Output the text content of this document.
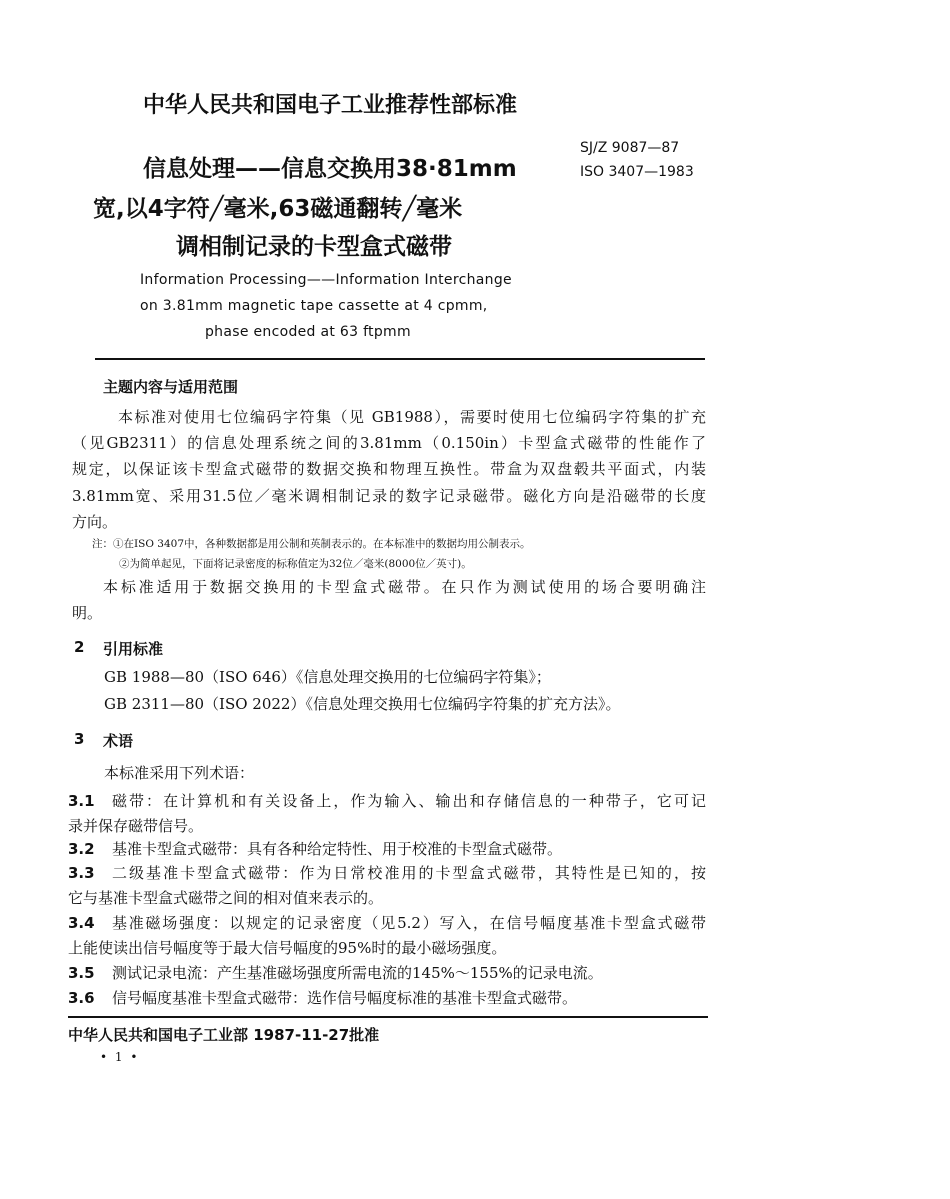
中华人民共和国电子工业推荐性部标准
SJ/Z 9087—87
ISO 3407—1983
信息处理——信息交换用38·81mm
宽,以4字符╱毫米,63磁通翻转╱毫米
调相制记录的卡型盒式磁带
Information Processing——Information Interchange
on 3.81mm magnetic tape cassette at 4 cpmm,
phase encoded at 63 ftpmm
主题内容与适用范围
本标准对使用七位编码字符集（见 GB1988），需要时使用七位编码字符集的扩充
（见GB2311）的信息处理系统之间的3.81mm（0.150in）卡型盒式磁带的性能作了
规定，以保证该卡型盒式磁带的数据交换和物理互换性。带盒为双盘毂共平面式，内装
3.81mm宽、采用31.5位／毫米调相制记录的数字记录磁带。磁化方向是沿磁带的长度
方向。
注：①在ISO 3407中，各种数据都是用公制和英制表示的。在本标准中的数据均用公制表示。
②为简单起见，下面将记录密度的标称值定为32位／毫米(8000位／英寸)。
本标准适用于数据交换用的卡型盒式磁带。在只作为测试使用的场合要明确注
明。
2 引用标准
GB 1988—80（ISO 646）《信息处理交换用的七位编码字符集》；
GB 2311—80（ISO 2022）《信息处理交换用七位编码字符集的扩充方法》。
3 术语
本标准采用下列术语：
3.1 磁带：在计算机和有关设备上，作为输入、输出和存储信息的一种带子，它可记
录并保存磁带信号。
3.2 基准卡型盒式磁带：具有各种给定特性、用于校准的卡型盒式磁带。
3.3 二级基准卡型盒式磁带：作为日常校准用的卡型盒式磁带，其特性是已知的，按
它与基准卡型盒式磁带之间的相对值来表示的。
3.4 基准磁场强度：以规定的记录密度（见5.2）写入，在信号幅度基准卡型盒式磁带
上能使读出信号幅度等于最大信号幅度的95%时的最小磁场强度。
3.5 测试记录电流：产生基准磁场强度所需电流的145%～155%的记录电流。
3.6 信号幅度基准卡型盒式磁带：选作信号幅度标准的基准卡型盒式磁带。
中华人民共和国电子工业部 1987-11-27批准
• 1 •
